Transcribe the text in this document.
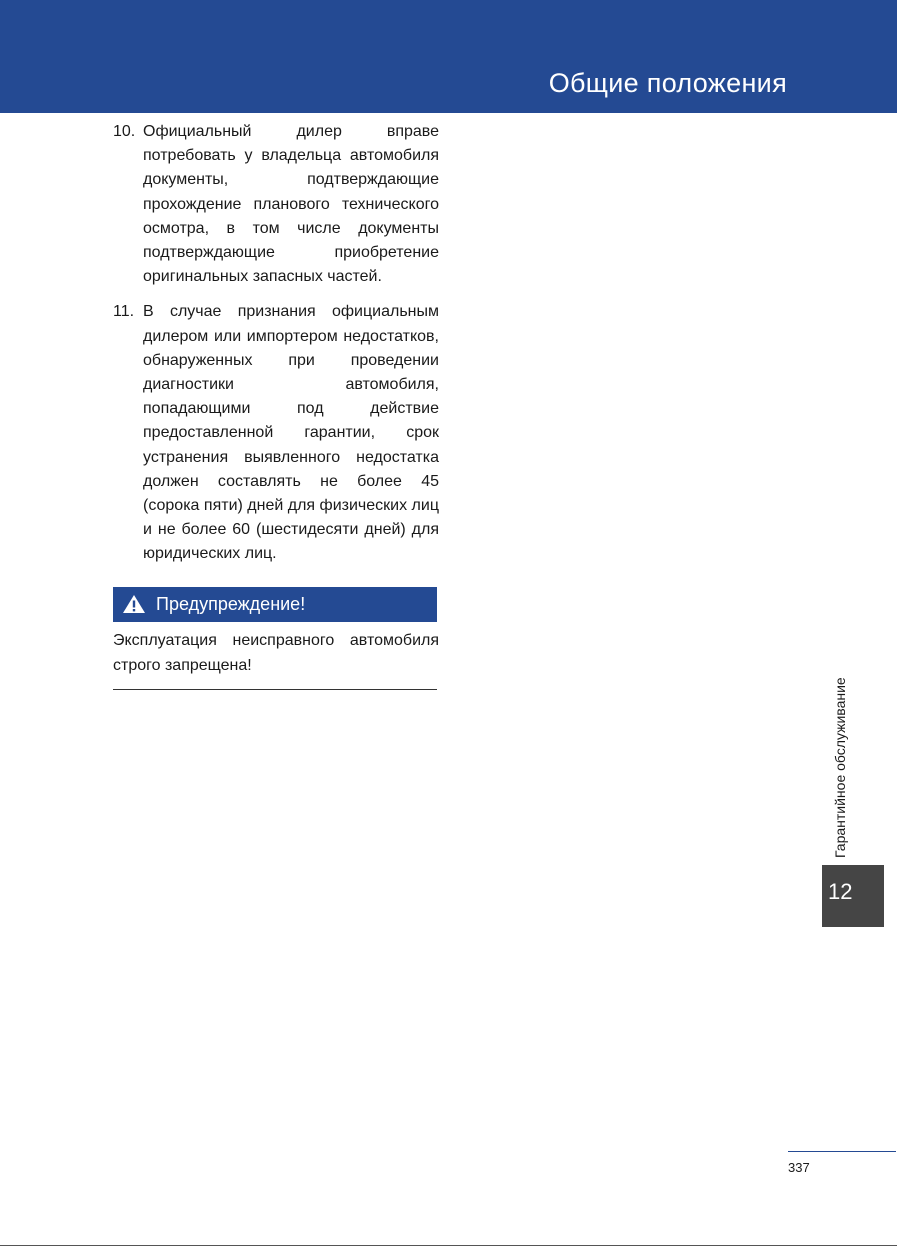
Общие положения
10. Официальный дилер вправе потребовать у владельца автомобиля документы, подтверждающие прохождение планового технического осмотра, в том числе документы подтверждающие приобретение оригинальных запасных частей.
11. В случае признания официальным дилером или импортером недостатков, обнаруженных при проведении диагностики автомобиля, попадающими под действие предоставленной гарантии, срок устранения выявленного недостатка должен составлять не более 45 (сорока пяти) дней для физических лиц и не более 60 (шестидесяти дней) для юридических лиц.
Предупреждение!
Эксплуатация неисправного автомобиля строго запрещена!
Гарантийное обслуживание
12
337
